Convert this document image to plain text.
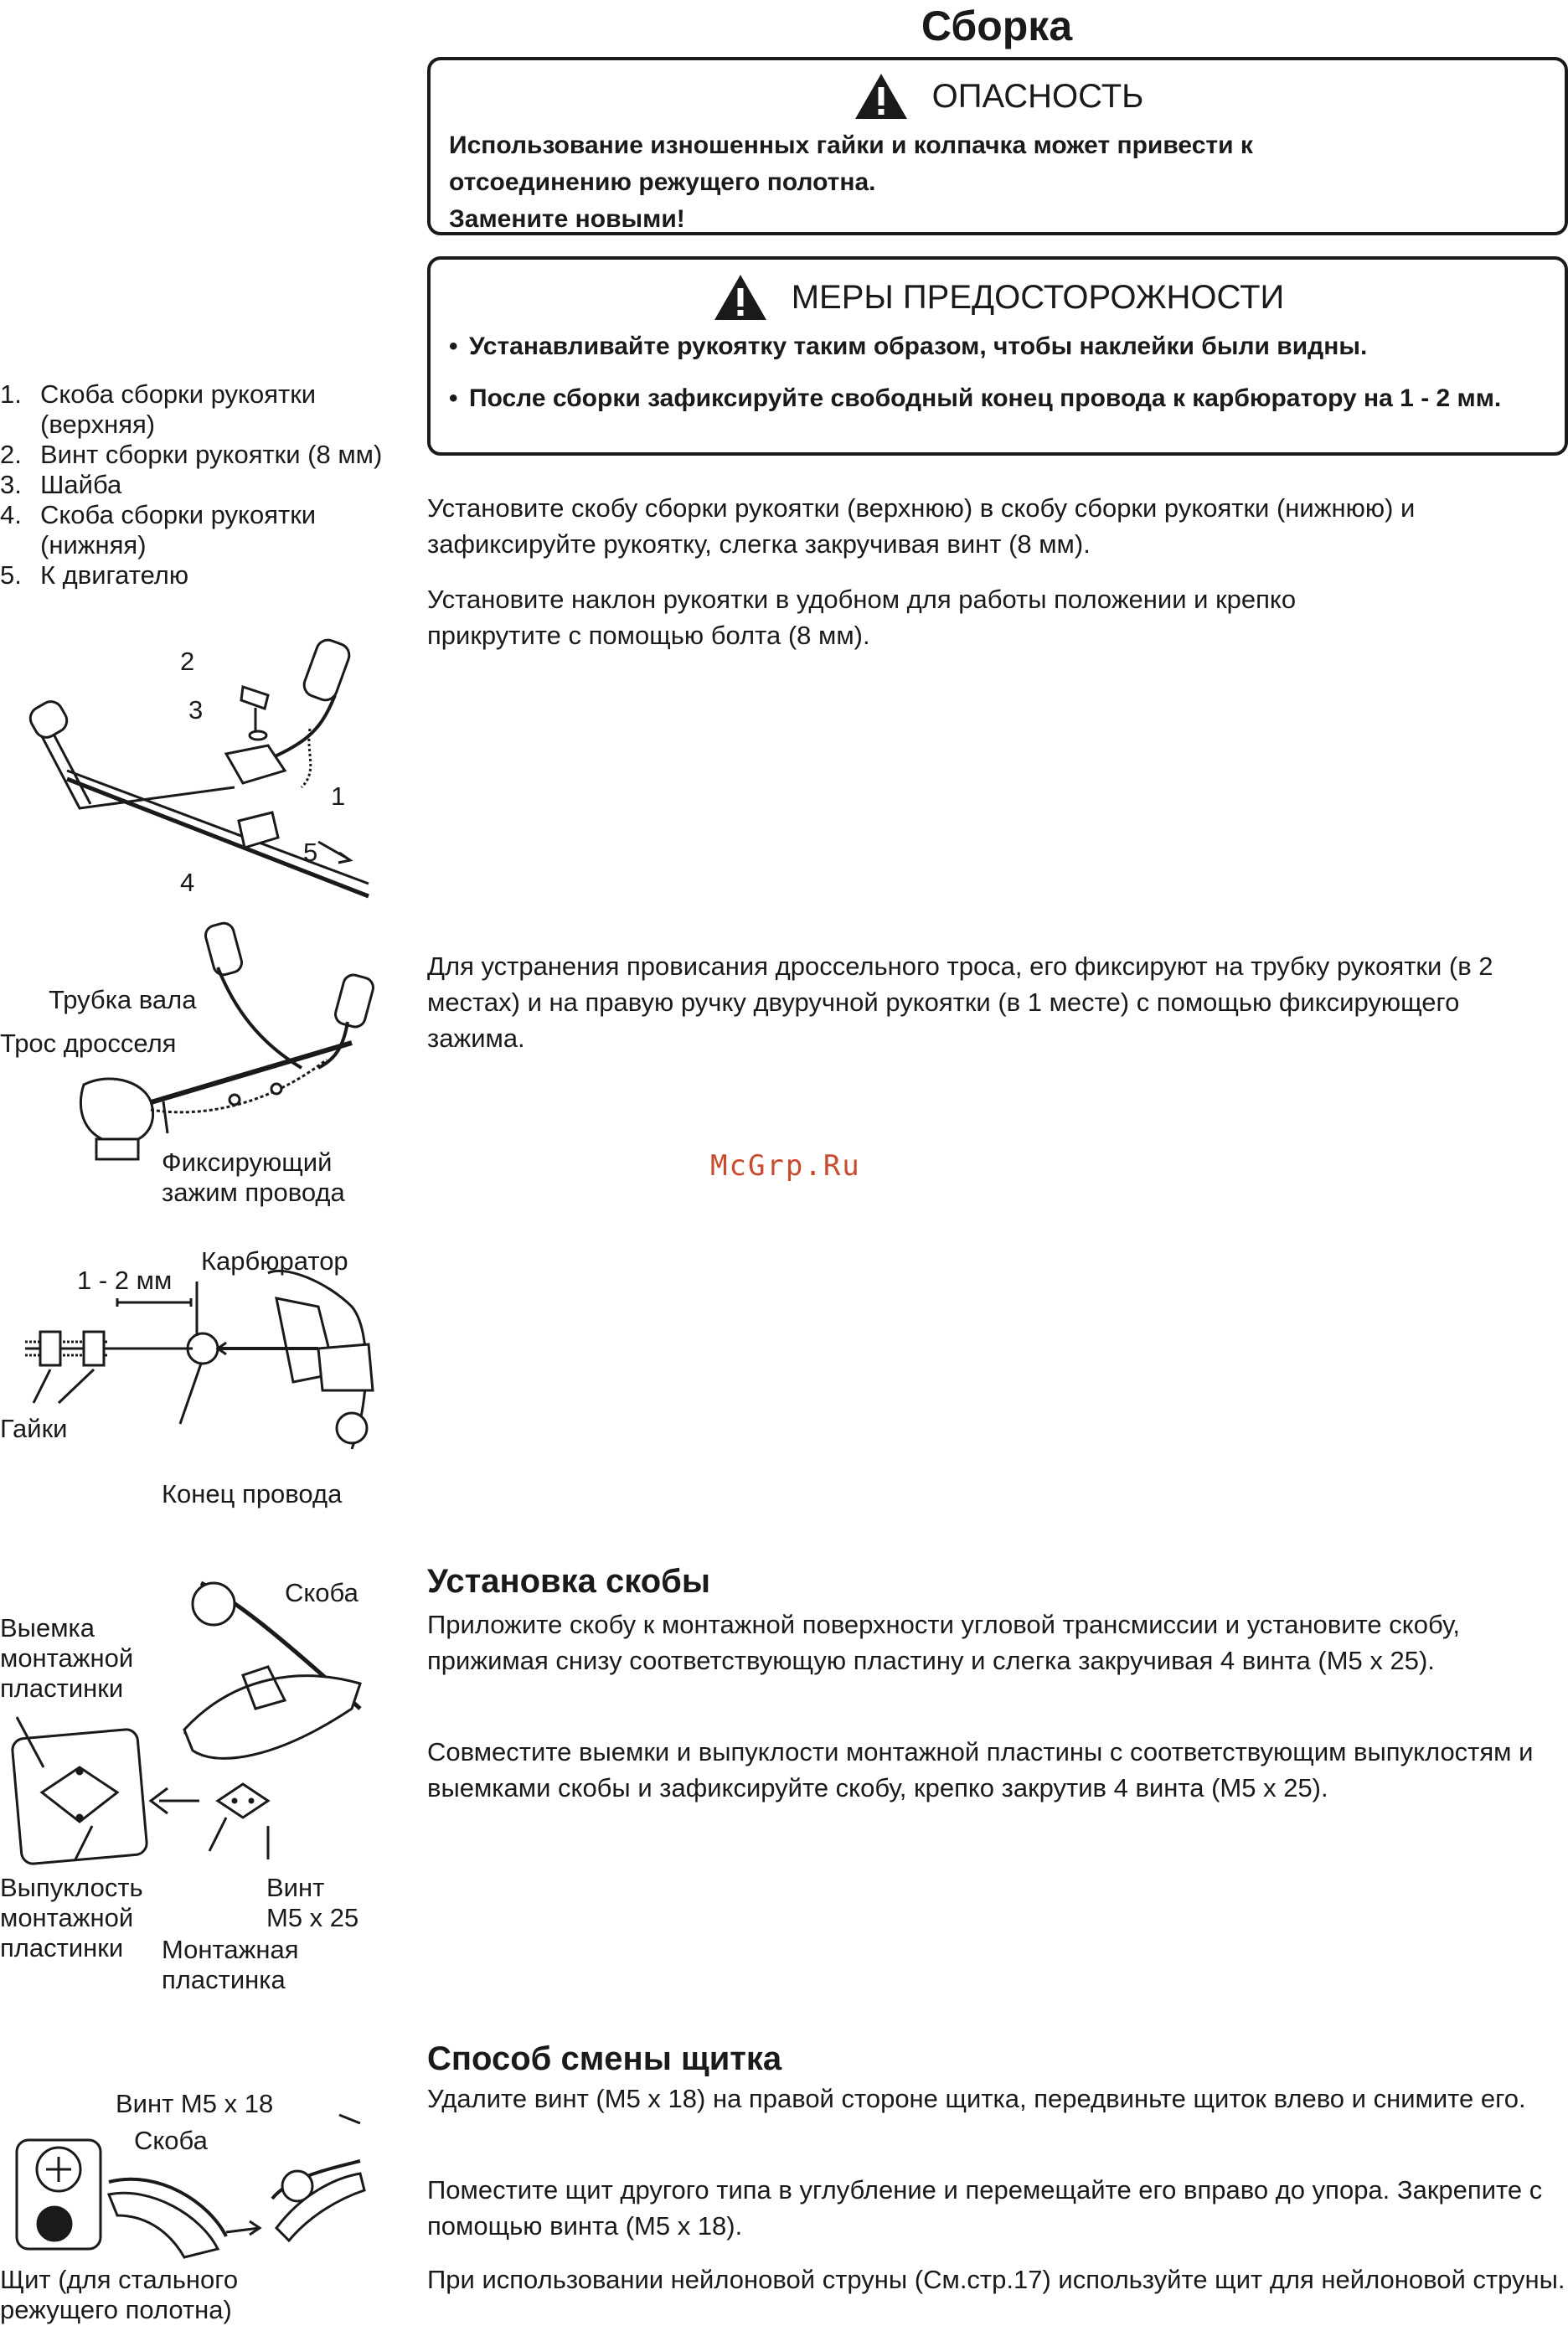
Сборка
ОПАСНОСТЬ
Использование изношенных гайки и колпачка может привести к
отсоединению режущего полотна.
Замените новыми!
МЕРЫ ПРЕДОСТОРОЖНОСТИ
• Устанавливайте рукоятку таким образом, чтобы наклейки были видны.
• После сборки зафиксируйте свободный конец провода к карбюратору на 1 - 2 мм.
1. Скоба сборки рукоятки (верхняя)
2. Винт сборки рукоятки (8 мм)
3. Шайба
4. Скоба сборки рукоятки (нижняя)
5. К двигателю
2
3
1
5
4
Установите скобу сборки рукоятки (верхнюю) в скобу сборки рукоятки (нижнюю) и зафиксируйте рукоятку, слегка закручивая винт (8 мм).
Установите наклон рукоятки в удобном для работы положении и крепко прикрутите с помощью болта (8 мм).
Трубка вала
Трос дросселя
Фиксирующий
зажим провода
Для устранения провисания дроссельного троса, его фиксируют на трубку рукоятки (в 2 местах) и на правую ручку двуручной рукоятки (в 1 месте) с помощью фиксирующего зажима.
McGrp.Ru
1 - 2 мм
Карбюратор
Гайки
Конец провода
Установка скобы
Приложите скобу к монтажной поверхности угловой трансмиссии и установите скобу, прижимая снизу соответствующую пластину и слегка закручивая 4 винта (М5 х 25).
Совместите выемки и выпуклости монтажной пластины с соответствующим выпуклостям и выемками скобы и зафиксируйте скобу, крепко закрутив 4 винта (М5 х 25).
Выемка
монтажной
пластинки
Скоба
Выпуклость
монтажной
пластинки
Винт
M5 x 25
Монтажная
пластинка
Способ смены щитка
Удалите винт (М5 х 18) на правой стороне щитка, передвиньте щиток влево и снимите его.
Поместите щит другого типа в углубление и перемещайте его вправо до упора. Закрепите с помощью винта (М5 х 18).
При использовании нейлоновой струны (См.стр.17) используйте щит для нейлоновой струны.
Винт M5 x 18
Скоба
Щит (для стального
режущего полотна)
